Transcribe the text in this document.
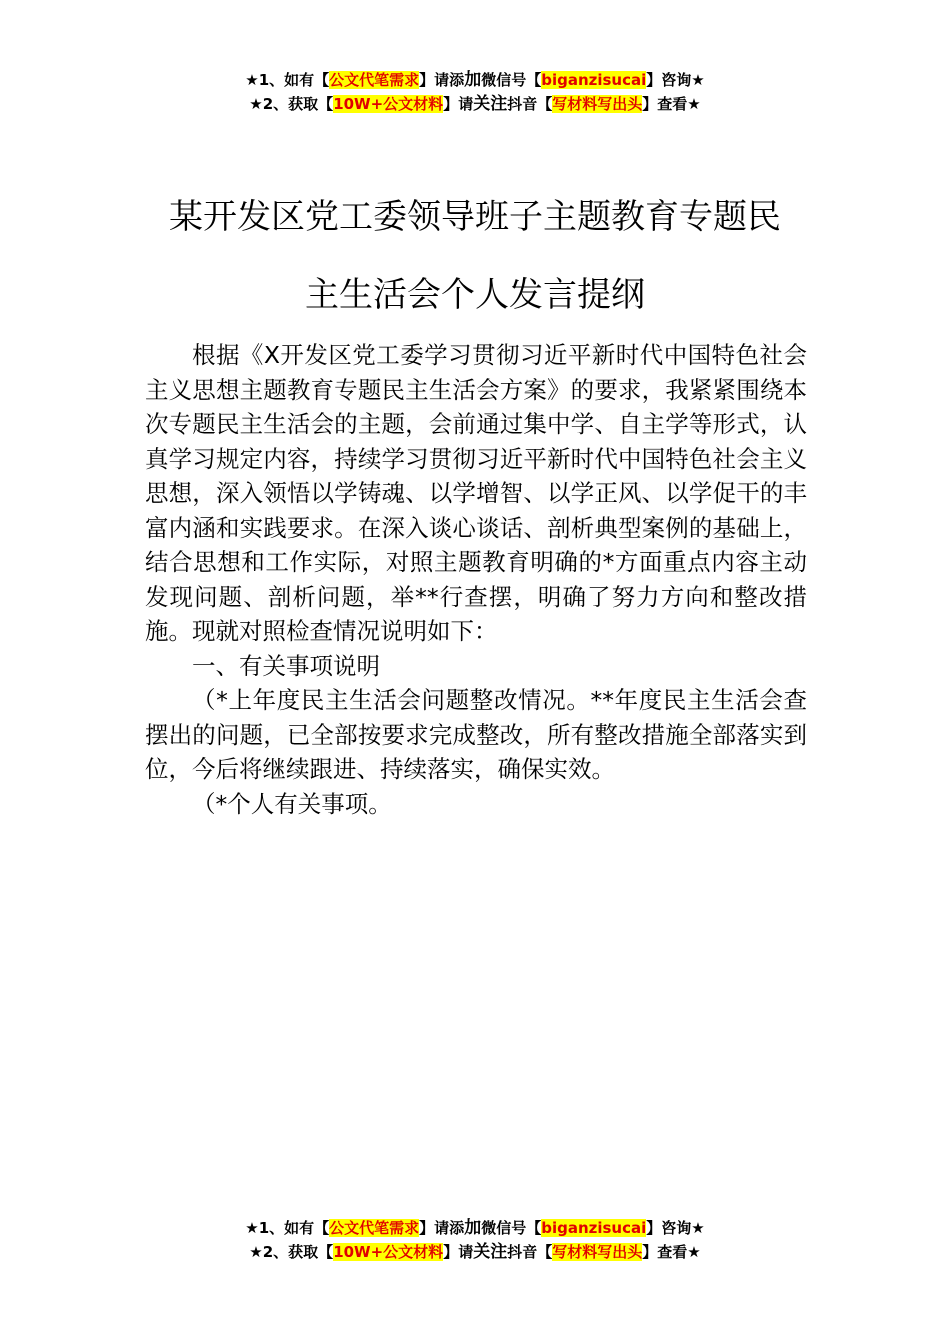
★1、如有【公文代笔需求】请添加微信号【biganzisucai】咨询★
★2、获取【10W+公文材料】请关注抖音【写材料写出头】查看★
某开发区党工委领导班子主题教育专题民
主生活会个人发言提纲

根据《X开发区党工委学习贯彻习近平新时代中国特色社会主义思想主题教育专题民主生活会方案》的要求，我紧紧围绕本次专题民主生活会的主题，会前通过集中学、自主学等形式，认真学习规定内容，持续学习贯彻习近平新时代中国特色社会主义思想，深入领悟以学铸魂、以学增智、以学正风、以学促干的丰富内涵和实践要求。在深入谈心谈话、剖析典型案例的基础上，结合思想和工作实际，对照主题教育明确的*方面重点内容主动发现问题、剖析问题，举**行查摆，明确了努力方向和整改措施。现就对照检查情况说明如下：

一、有关事项说明

（*上年度民主生活会问题整改情况。**年度民主生活会查摆出的问题，已全部按要求完成整改，所有整改措施全部落实到位，今后将继续跟进、持续落实，确保实效。

（*个人有关事项。

★1、如有【公文代笔需求】请添加微信号【biganzisucai】咨询★
★2、获取【10W+公文材料】请关注抖音【写材料写出头】查看★
